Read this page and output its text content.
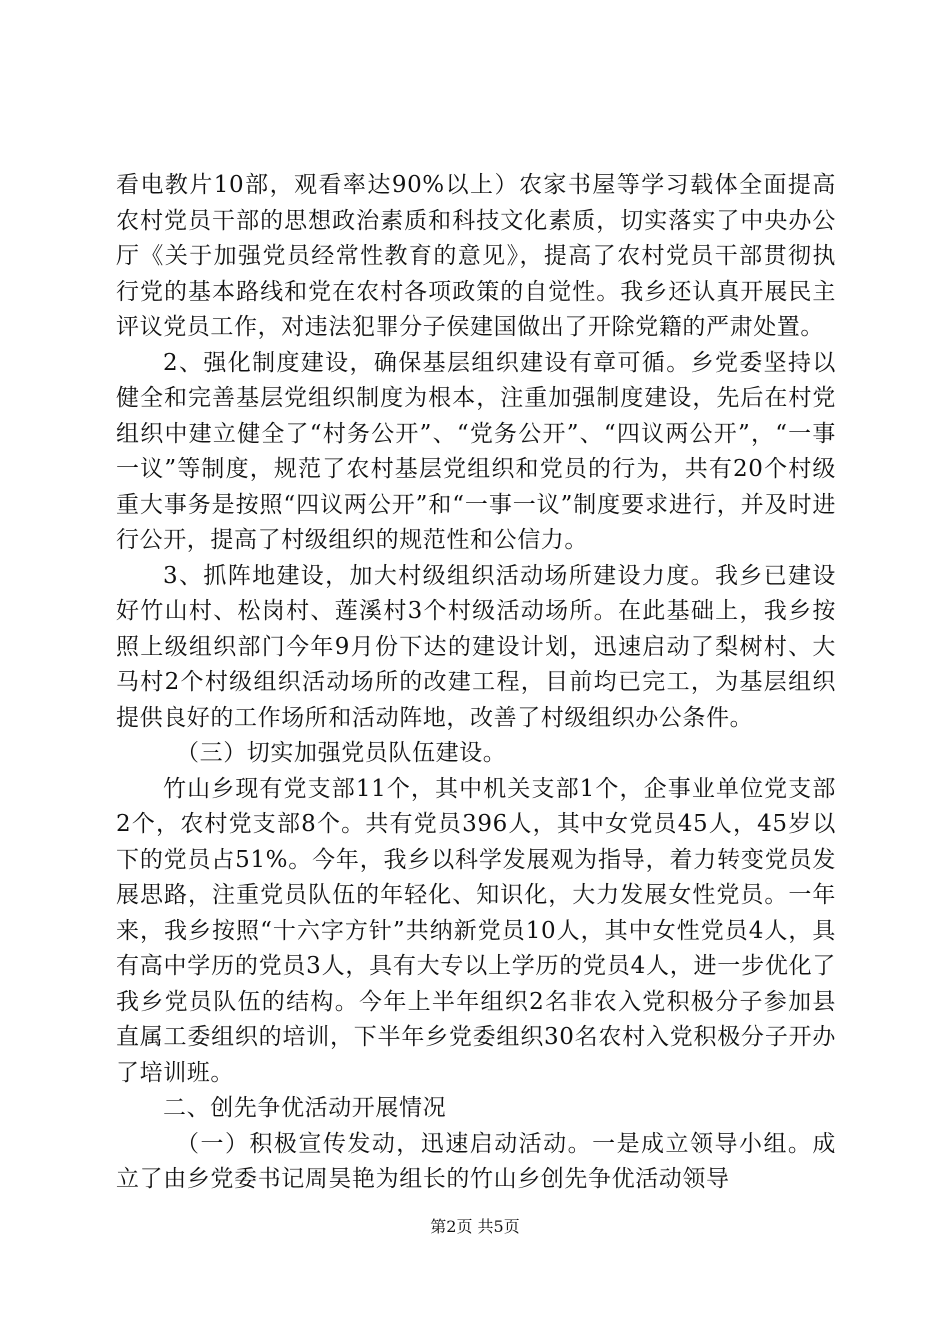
看电教片10部，观看率达90%以上）农家书屋等学习载体全面提高农村党员干部的思想政治素质和科技文化素质，切实落实了中央办公厅《关于加强党员经常性教育的意见》，提高了农村党员干部贯彻执行党的基本路线和党在农村各项政策的自觉性。我乡还认真开展民主评议党员工作，对违法犯罪分子侯建国做出了开除党籍的严肃处置。

2、强化制度建设，确保基层组织建设有章可循。乡党委坚持以健全和完善基层党组织制度为根本，注重加强制度建设，先后在村党组织中建立健全了“村务公开”、“党务公开”、“四议两公开”，“一事一议”等制度，规范了农村基层党组织和党员的行为，共有20个村级重大事务是按照“四议两公开”和“一事一议”制度要求进行，并及时进行公开，提高了村级组织的规范性和公信力。

3、抓阵地建设，加大村级组织活动场所建设力度。我乡已建设好竹山村、松岗村、莲溪村3个村级活动场所。在此基础上，我乡按照上级组织部门今年9月份下达的建设计划，迅速启动了梨树村、大马村2个村级组织活动场所的改建工程，目前均已完工，为基层组织提供良好的工作场所和活动阵地，改善了村级组织办公条件。

（三）切实加强党员队伍建设。

竹山乡现有党支部11个，其中机关支部1个，企事业单位党支部2个，农村党支部8个。共有党员396人，其中女党员45人，45岁以下的党员占51%。今年，我乡以科学发展观为指导，着力转变党员发展思路，注重党员队伍的年轻化、知识化，大力发展女性党员。一年来，我乡按照“十六字方针”共纳新党员10人，其中女性党员4人，具有高中学历的党员3人，具有大专以上学历的党员4人，进一步优化了我乡党员队伍的结构。今年上半年组织2名非农入党积极分子参加县直属工委组织的培训，下半年乡党委组织30名农村入党积极分子开办了培训班。

二、创先争优活动开展情况

（一）积极宣传发动，迅速启动活动。一是成立领导小组。成立了由乡党委书记周昊艳为组长的竹山乡创先争优活动领导

第2页 共5页
